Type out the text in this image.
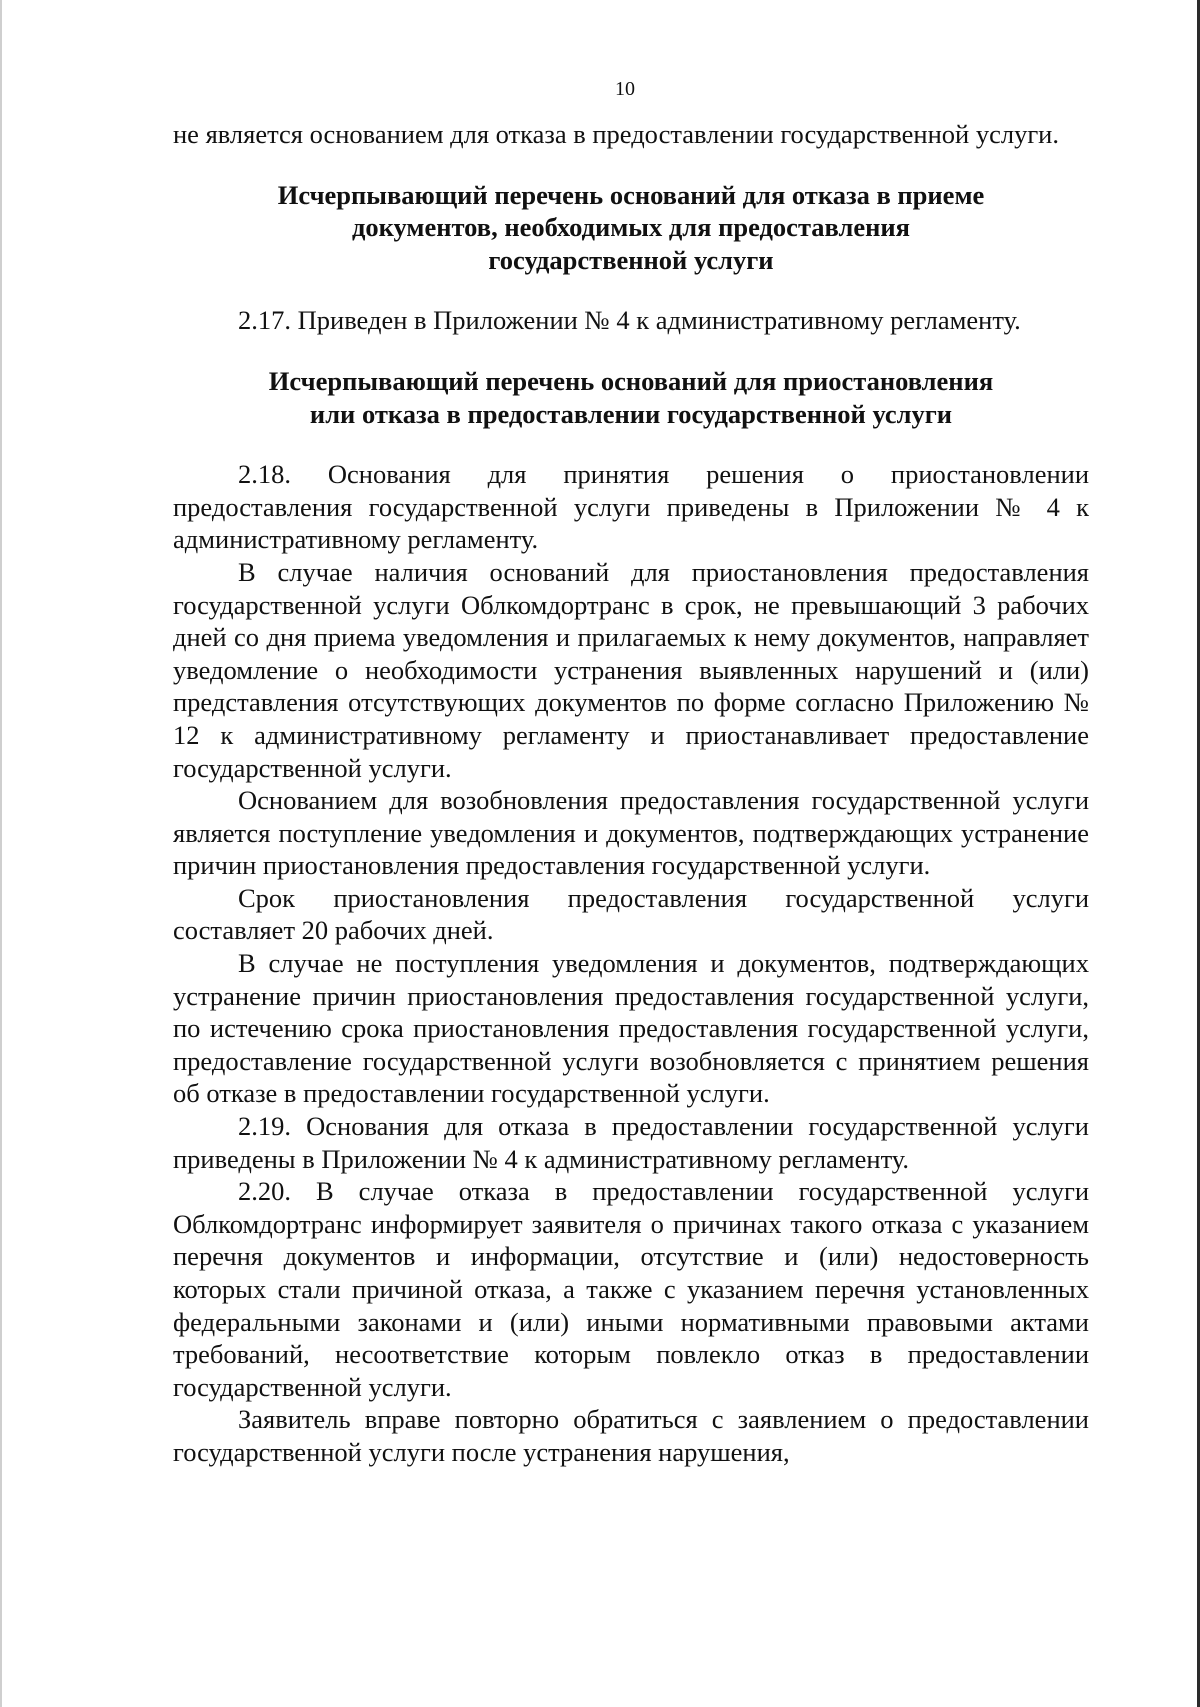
10

не является основанием для отказа в предоставлении государственной услуги.

Исчерпывающий перечень оснований для отказа в приеме

документов, необходимых для предоставления

государственной услуги

2.17. Приведен в Приложении № 4 к административному регламенту.

Исчерпывающий перечень оснований для приостановления

или отказа в предоставлении государственной услуги

2.18. Основания для принятия решения о приостановлении предоставления государственной услуги приведены в Приложении № 4 к административному регламенту.

В случае наличия оснований для приостановления предоставления государственной услуги Облкомдортранс в срок, не превышающий 3 рабочих дней со дня приема уведомления и прилагаемых к нему документов, направляет уведомление о необходимости устранения выявленных нарушений и (или) представления отсутствующих документов по форме согласно Приложению № 12 к административному регламенту и приостанавливает предоставление государственной услуги.

Основанием для возобновления предоставления государственной услуги является поступление уведомления и документов, подтверждающих устранение причин приостановления предоставления государственной услуги.

Срок приостановления предоставления государственной услуги составляет 20 рабочих дней.

В случае не поступления уведомления и документов, подтверждающих устранение причин приостановления предоставления государственной услуги, по истечению срока приостановления предоставления государственной услуги, предоставление государственной услуги возобновляется с принятием решения об отказе в предоставлении государственной услуги.

2.19. Основания для отказа в предоставлении государственной услуги приведены в Приложении № 4 к административному регламенту.

2.20. В случае отказа в предоставлении государственной услуги Облкомдортранс информирует заявителя о причинах такого отказа с указанием перечня документов и информации, отсутствие и (или) недостоверность которых стали причиной отказа, а также с указанием перечня установленных федеральными законами и (или) иными нормативными правовыми актами требований, несоответствие которым повлекло отказ в предоставлении государственной услуги.

Заявитель вправе повторно обратиться с заявлением о предоставлении государственной услуги после устранения нарушения,
